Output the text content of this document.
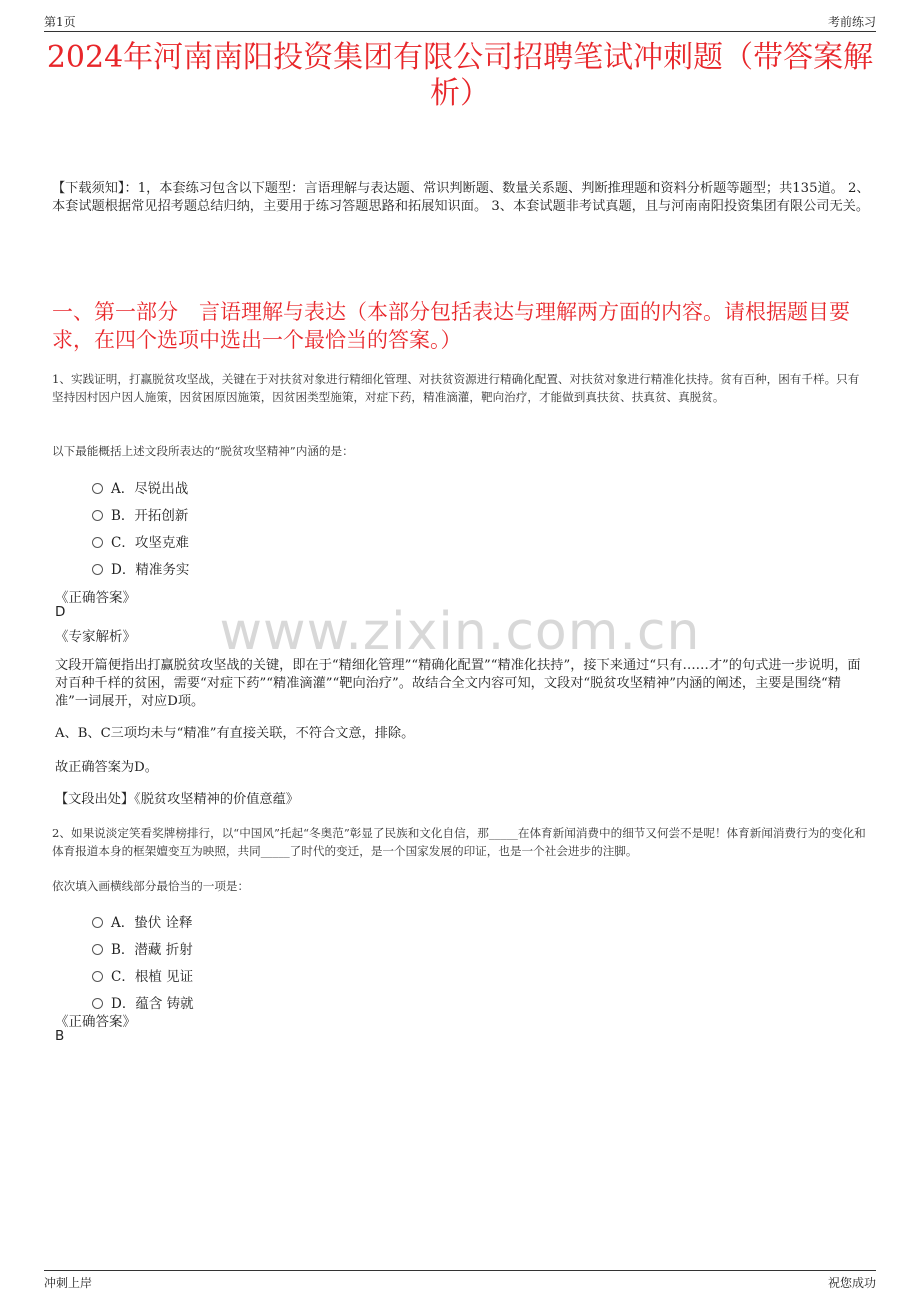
第1页	考前练习
2024年河南南阳投资集团有限公司招聘笔试冲刺题（带答案解析）
【下载须知】：1，本套练习包含以下题型：言语理解与表达题、常识判断题、数量关系题、判断推理题和资料分析题等题型；共135道。 2、本套试题根据常见招考题总结归纳，主要用于练习答题思路和拓展知识面。 3、本套试题非考试真题，且与河南南阳投资集团有限公司无关。
一、第一部分　言语理解与表达（本部分包括表达与理解两方面的内容。请根据题目要求，在四个选项中选出一个最恰当的答案。）
1、实践证明，打赢脱贫攻坚战，关键在于对扶贫对象进行精细化管理、对扶贫资源进行精确化配置、对扶贫对象进行精准化扶持。贫有百种，困有千样。只有坚持因村因户因人施策，因贫困原因施策，因贫困类型施策，对症下药，精准滴灌，靶向治疗，才能做到真扶贫、扶真贫、真脱贫。
以下最能概括上述文段所表达的“脱贫攻坚精神”内涵的是：
A．尽锐出战
B．开拓创新
C．攻坚克难
D．精准务实
《正确答案》
D
《专家解析》	www.zixin.com.cn
文段开篇便指出打赢脱贫攻坚战的关键，即在于“精细化管理”“精确化配置”“精准化扶持”，接下来通过“只有……才”的句式进一步说明，面对百种千样的贫困，需要“对症下药”“精准滴灌”“靶向治疗”。故结合全文内容可知，文段对“脱贫攻坚精神”内涵的阐述，主要是围绕“精准”一词展开，对应D项。
A、B、C三项均未与“精准”有直接关联，不符合文意，排除。
故正确答案为D。
【文段出处】《脱贫攻坚精神的价值意蕴》
2、如果说淡定笑看奖牌榜排行，以“中国风”托起“冬奥范”彰显了民族和文化自信，那_____在体育新闻消费中的细节又何尝不是呢！体育新闻消费行为的变化和体育报道本身的框架嬗变互为映照，共同_____了时代的变迁，是一个国家发展的印证，也是一个社会进步的注脚。
依次填入画横线部分最恰当的一项是：
A．蛰伏 诠释
B．潜藏 折射
C．根植 见证
D．蕴含 铸就
《正确答案》
B
冲刺上岸	祝您成功
